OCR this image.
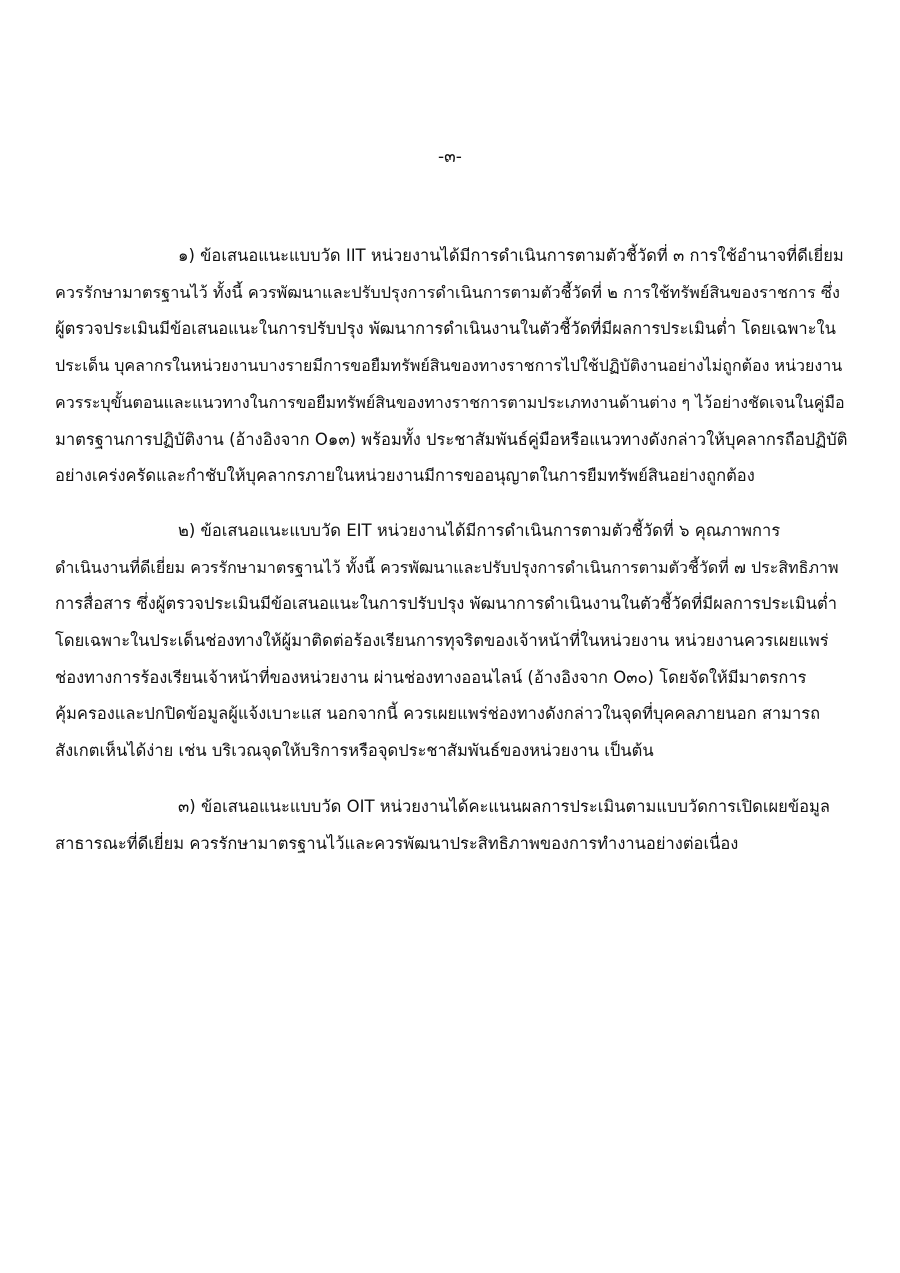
-๓-
๑) ข้อเสนอแนะแบบวัด IIT หน่วยงานได้มีการดำเนินการตามตัวชี้วัดที่ ๓ การใช้อำนาจที่ดีเยี่ยม
ควรรักษามาตรฐานไว้ ทั้งนี้ ควรพัฒนาและปรับปรุงการดำเนินการตามตัวชี้วัดที่ ๒ การใช้ทรัพย์สินของราชการ ซึ่ง
ผู้ตรวจประเมินมีข้อเสนอแนะในการปรับปรุง พัฒนาการดำเนินงานในตัวชี้วัดที่มีผลการประเมินต่ำ โดยเฉพาะใน
ประเด็น บุคลากรในหน่วยงานบางรายมีการขอยืมทรัพย์สินของทางราชการไปใช้ปฏิบัติงานอย่างไม่ถูกต้อง หน่วยงาน
ควรระบุขั้นตอนและแนวทางในการขอยืมทรัพย์สินของทางราชการตามประเภทงานด้านต่าง ๆ ไว้อย่างชัดเจนในคู่มือ
มาตรฐานการปฏิบัติงาน (อ้างอิงจาก O๑๓) พร้อมทั้ง ประชาสัมพันธ์คู่มือหรือแนวทางดังกล่าวให้บุคลากรถือปฏิบัติ
อย่างเคร่งครัดและกำชับให้บุคลากรภายในหน่วยงานมีการขออนุญาตในการยืมทรัพย์สินอย่างถูกต้อง
๒) ข้อเสนอแนะแบบวัด EIT หน่วยงานได้มีการดำเนินการตามตัวชี้วัดที่ ๖ คุณภาพการ
ดำเนินงานที่ดีเยี่ยม ควรรักษามาตรฐานไว้ ทั้งนี้ ควรพัฒนาและปรับปรุงการดำเนินการตามตัวชี้วัดที่ ๗ ประสิทธิภาพ
การสื่อสาร ซึ่งผู้ตรวจประเมินมีข้อเสนอแนะในการปรับปรุง พัฒนาการดำเนินงานในตัวชี้วัดที่มีผลการประเมินต่ำ
โดยเฉพาะในประเด็นช่องทางให้ผู้มาติดต่อร้องเรียนการทุจริตของเจ้าหน้าที่ในหน่วยงาน หน่วยงานควรเผยแพร่
ช่องทางการร้องเรียนเจ้าหน้าที่ของหน่วยงาน ผ่านช่องทางออนไลน์ (อ้างอิงจาก O๓๐) โดยจัดให้มีมาตรการ
คุ้มครองและปกปิดข้อมูลผู้แจ้งเบาะแส นอกจากนี้ ควรเผยแพร่ช่องทางดังกล่าวในจุดที่บุคคลภายนอก สามารถ
สังเกตเห็นได้ง่าย เช่น บริเวณจุดให้บริการหรือจุดประชาสัมพันธ์ของหน่วยงาน เป็นต้น
๓) ข้อเสนอแนะแบบวัด OIT หน่วยงานได้คะแนนผลการประเมินตามแบบวัดการเปิดเผยข้อมูล
สาธารณะที่ดีเยี่ยม ควรรักษามาตรฐานไว้และควรพัฒนาประสิทธิภาพของการทำงานอย่างต่อเนื่อง
